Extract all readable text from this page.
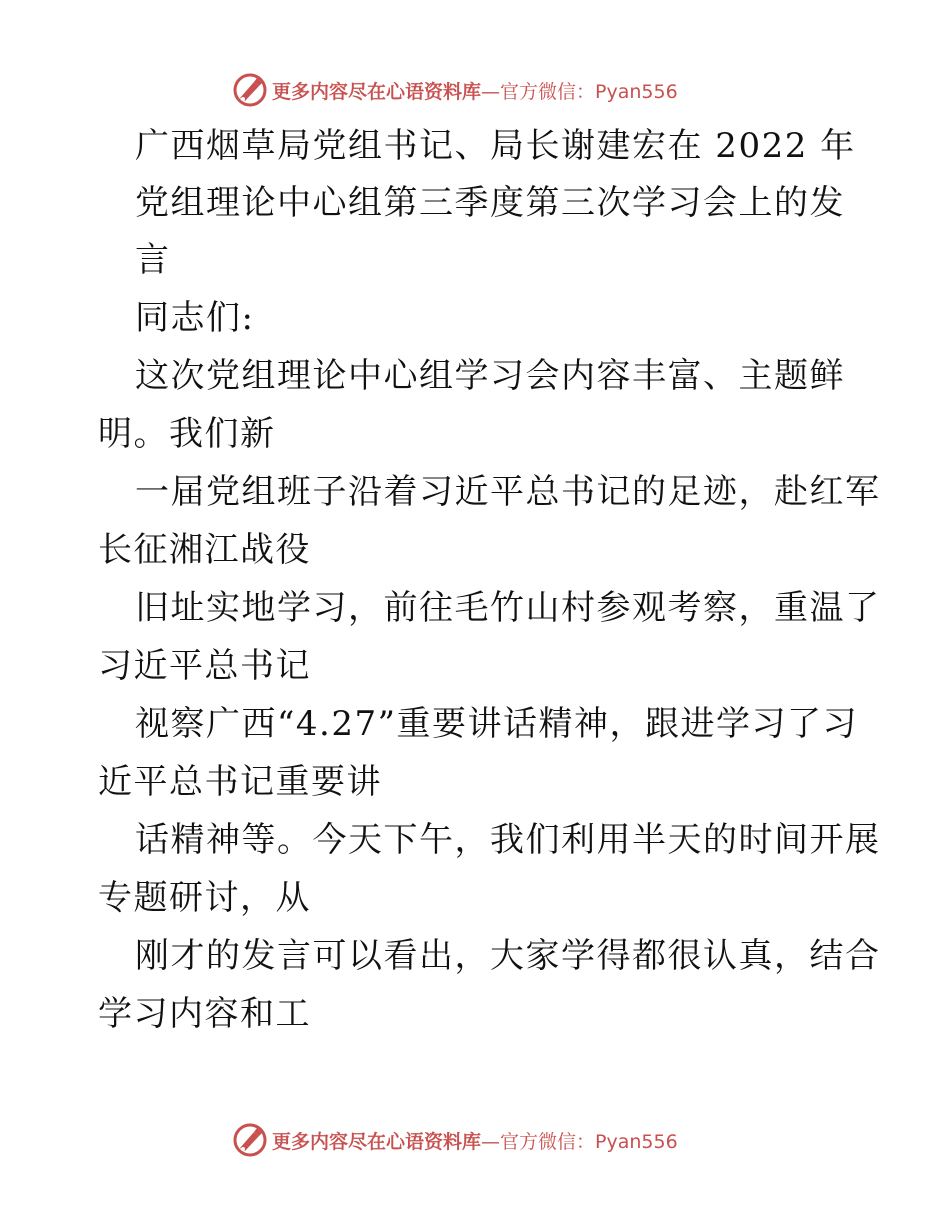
更多内容尽在心语资料库 —官方微信：Pyan556
广西烟草局党组书记、局长谢建宏在 2022 年
党组理论中心组第三季度第三次学习会上的发
言
同志们:
这次党组理论中心组学习会内容丰富、主题鲜
明。我们新
一届党组班子沿着习近平总书记的足迹，赴红军
长征湘江战役
旧址实地学习，前往毛竹山村参观考察，重温了
习近平总书记
视察广西“4.27”重要讲话精神，跟进学习了习
近平总书记重要讲
话精神等。今天下午，我们利用半天的时间开展
专题研讨，从
刚才的发言可以看出，大家学得都很认真，结合
学习内容和工
更多内容尽在心语资料库 —官方微信：Pyan556
